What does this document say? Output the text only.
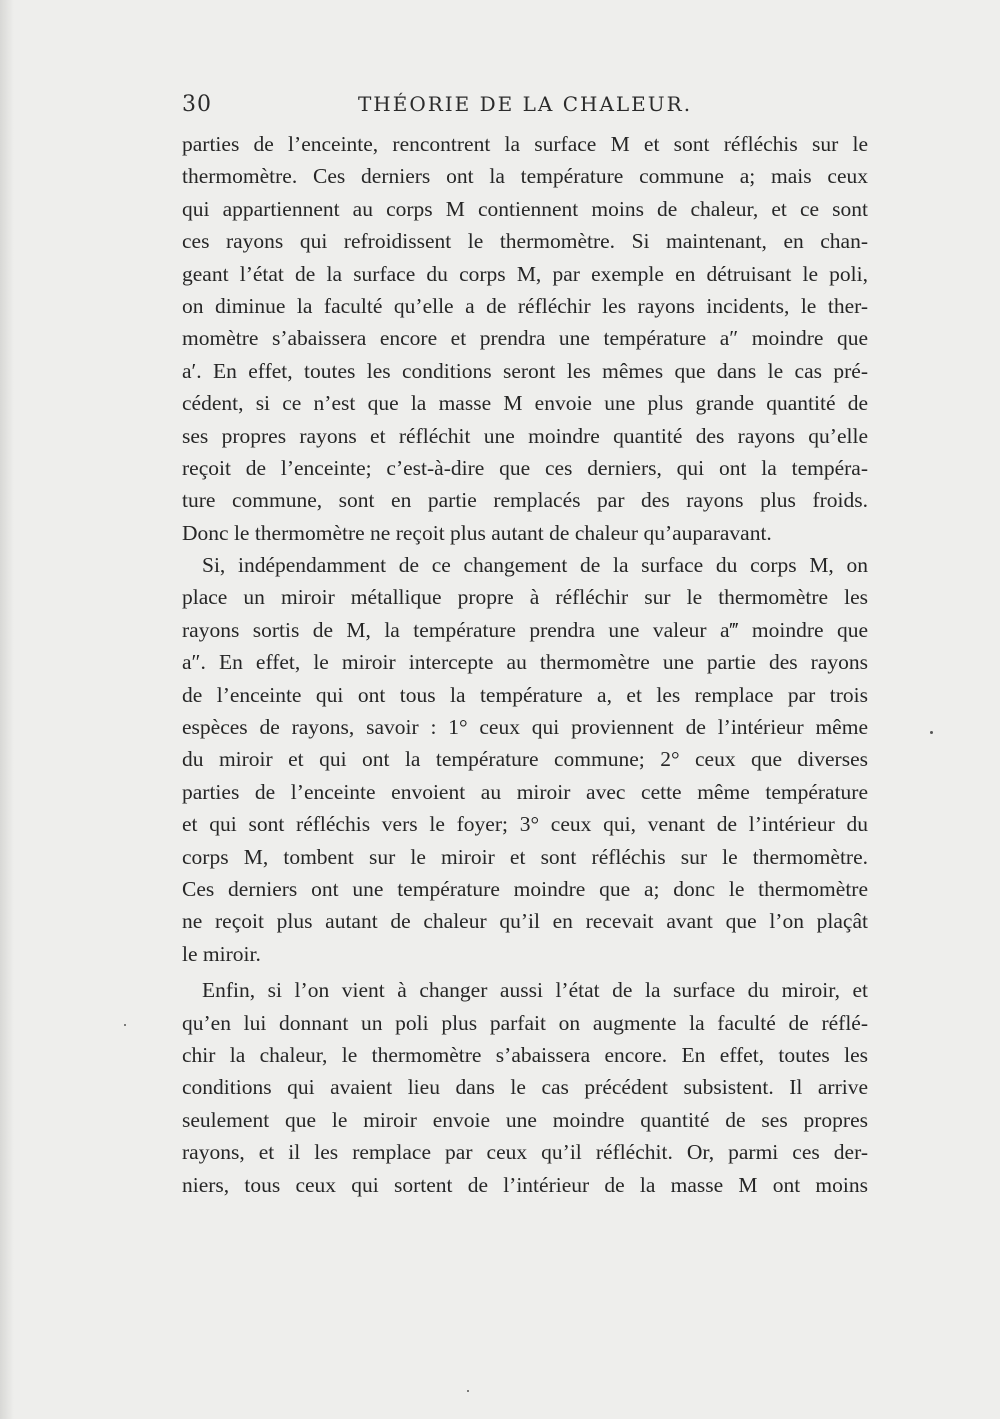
30	THÉORIE DE LA CHALEUR.
parties de l’enceinte, rencontrent la surface M et sont réfléchis sur le
thermomètre. Ces derniers ont la température commune a; mais ceux
qui appartiennent au corps M contiennent moins de chaleur, et ce sont
ces rayons qui refroidissent le thermomètre. Si maintenant, en chan-
geant l’état de la surface du corps M, par exemple en détruisant le poli,
on diminue la faculté qu’elle a de réfléchir les rayons incidents, le ther-
momètre s’abaissera encore et prendra une température a″ moindre que
a′. En effet, toutes les conditions seront les mêmes que dans le cas pré-
cédent, si ce n’est que la masse M envoie une plus grande quantité de
ses propres rayons et réfléchit une moindre quantité des rayons qu’elle
reçoit de l’enceinte; c’est-à-dire que ces derniers, qui ont la tempéra-
ture commune, sont en partie remplacés par des rayons plus froids.
Donc le thermomètre ne reçoit plus autant de chaleur qu’auparavant.
Si, indépendamment de ce changement de la surface du corps M, on
place un miroir métallique propre à réfléchir sur le thermomètre les
rayons sortis de M, la température prendra une valeur a‴ moindre que
a″. En effet, le miroir intercepte au thermomètre une partie des rayons
de l’enceinte qui ont tous la température a, et les remplace par trois
espèces de rayons, savoir : 1° ceux qui proviennent de l’intérieur même
du miroir et qui ont la température commune; 2° ceux que diverses
parties de l’enceinte envoient au miroir avec cette même température
et qui sont réfléchis vers le foyer; 3° ceux qui, venant de l’intérieur du
corps M, tombent sur le miroir et sont réfléchis sur le thermomètre.
Ces derniers ont une température moindre que a; donc le thermomètre
ne reçoit plus autant de chaleur qu’il en recevait avant que l’on plaçât
le miroir.
Enfin, si l’on vient à changer aussi l’état de la surface du miroir, et
qu’en lui donnant un poli plus parfait on augmente la faculté de réflé-
chir la chaleur, le thermomètre s’abaissera encore. En effet, toutes les
conditions qui avaient lieu dans le cas précédent subsistent. Il arrive
seulement que le miroir envoie une moindre quantité de ses propres
rayons, et il les remplace par ceux qu’il réfléchit. Or, parmi ces der-
niers, tous ceux qui sortent de l’intérieur de la masse M ont moins
